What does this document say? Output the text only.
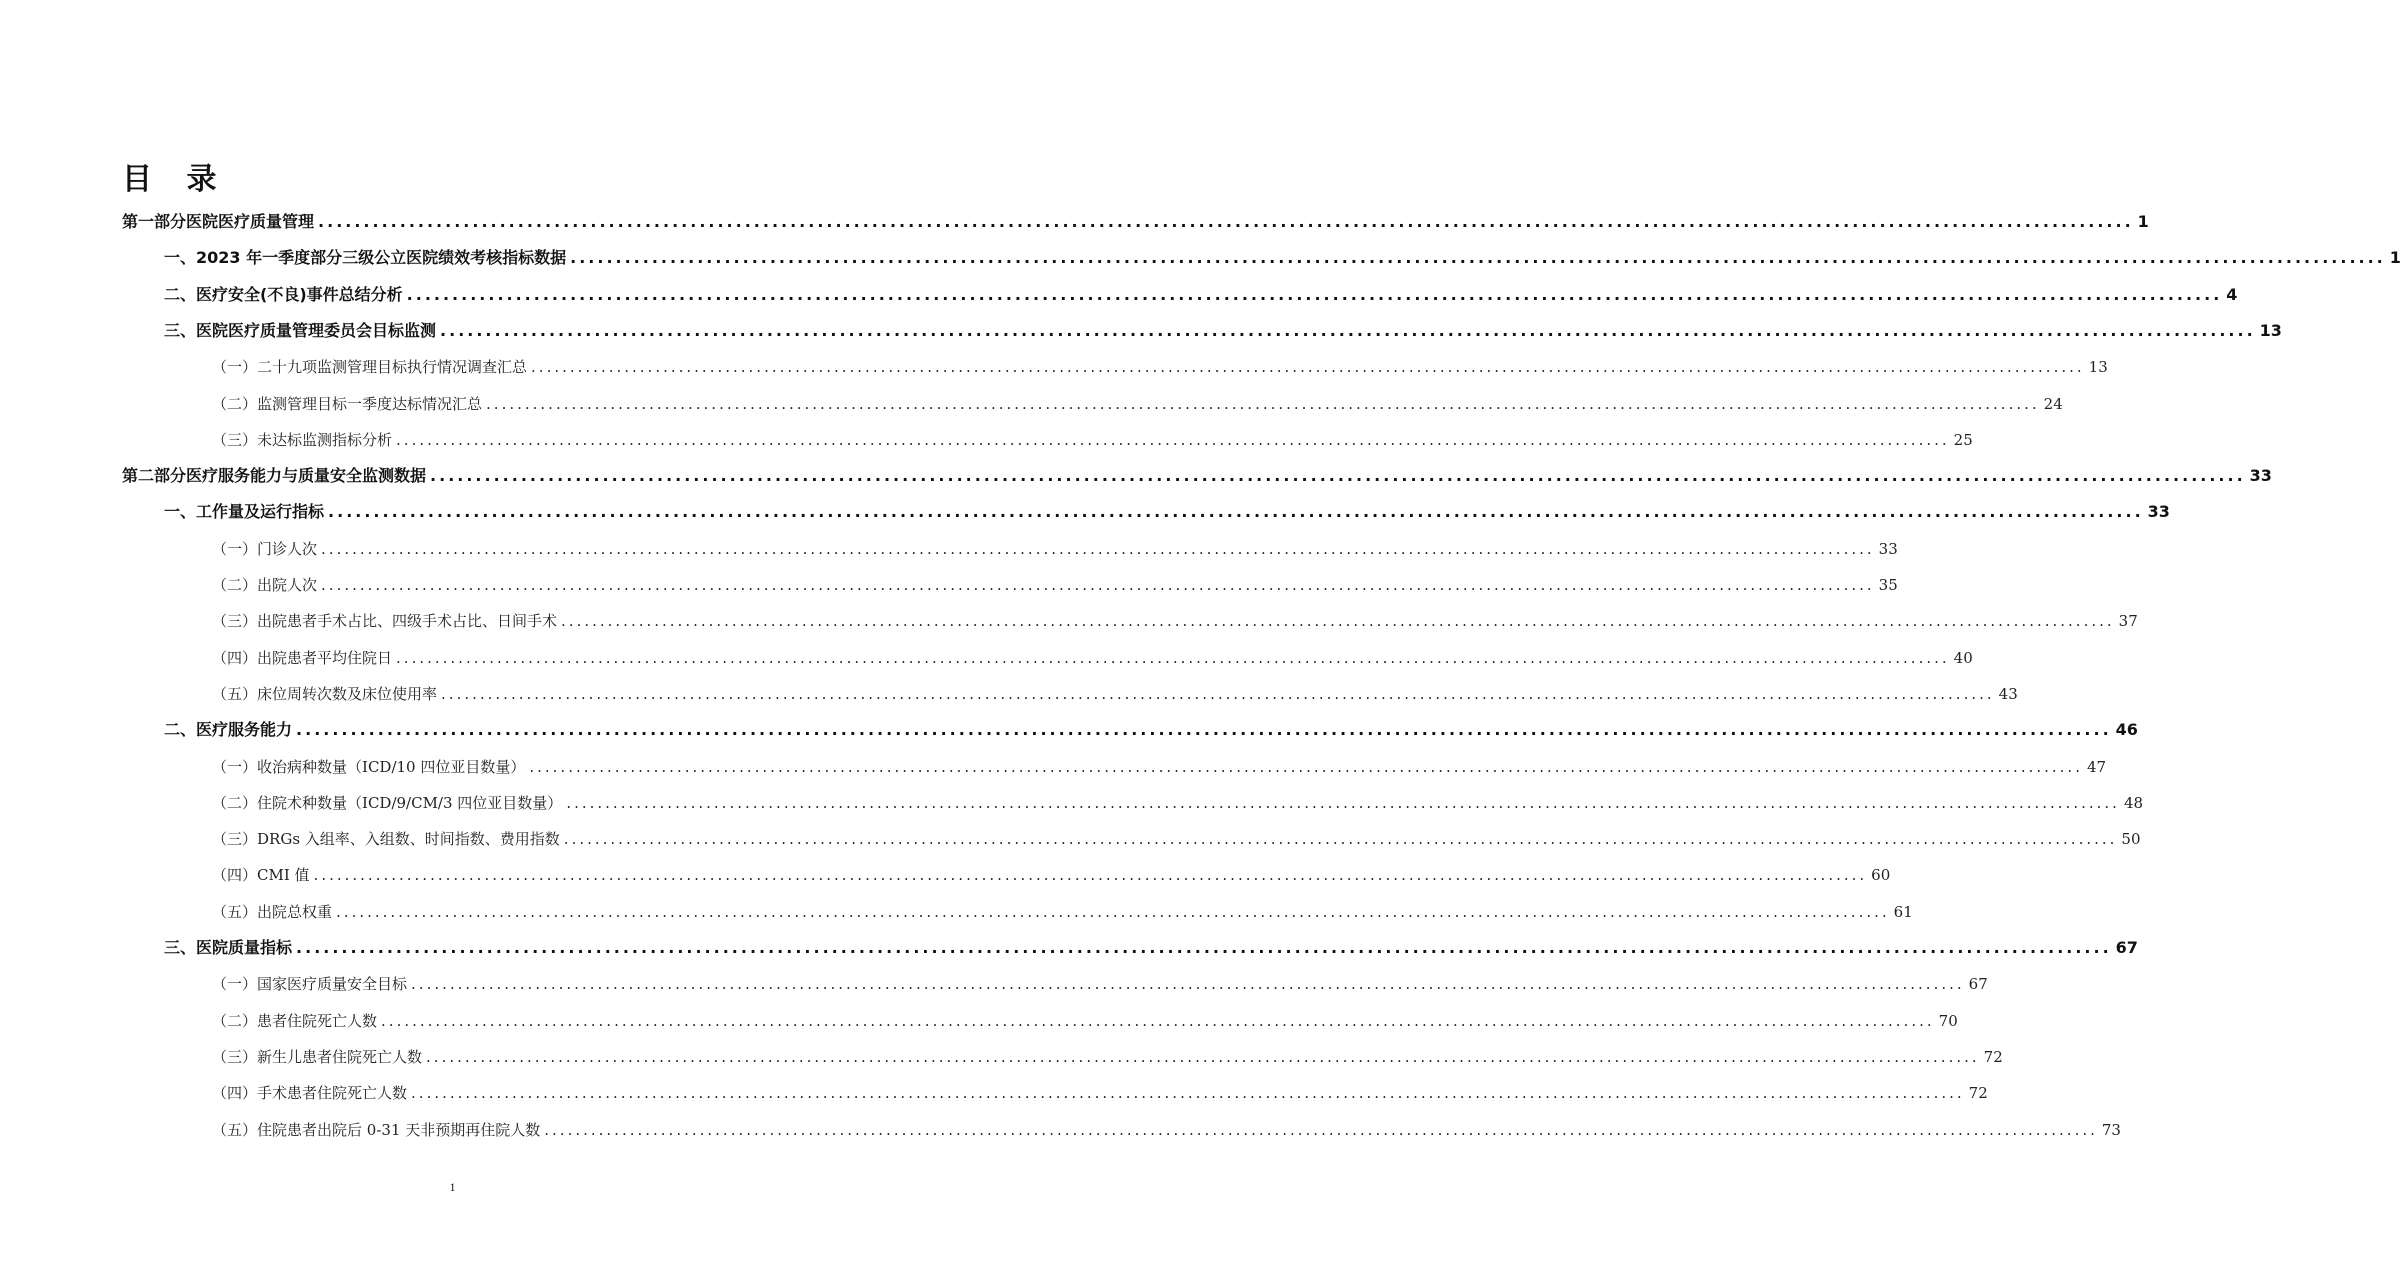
目 录
第一部分 医院医疗质量管理 ........................................................................................................................................................................................................ 1
一、 2023 年一季度部分三级公立医院绩效考核指标数据 ........................................................................................................................................................................................................ 1
二、 医疗安全(不良)事件总结分析 ........................................................................................................................................................................................................ 4
三、 医院医疗质量管理委员会目标监测 ........................................................................................................................................................................................................ 13
（一） 二十九项监测管理目标执行情况调查汇总 ........................................................................................................................................................................................................ 13
（二） 监测管理目标一季度达标情况汇总 ........................................................................................................................................................................................................ 24
（三） 未达标监测指标分析 ........................................................................................................................................................................................................ 25
第二部分 医疗服务能力与质量安全监测数据 ........................................................................................................................................................................................................ 33
一、 工作量及运行指标 ........................................................................................................................................................................................................ 33
（一） 门诊人次 ........................................................................................................................................................................................................ 33
（二） 出院人次 ........................................................................................................................................................................................................ 35
（三） 出院患者手术占比、四级手术占比、日间手术 ........................................................................................................................................................................................................ 37
（四） 出院患者平均住院日 ........................................................................................................................................................................................................ 40
（五） 床位周转次数及床位使用率 ........................................................................................................................................................................................................ 43
二、 医疗服务能力 ........................................................................................................................................................................................................ 46
（一） 收治病种数量（ICD/10 四位亚目数量） ........................................................................................................................................................................................................ 47
（二） 住院术种数量（ICD/9/CM/3 四位亚目数量） ........................................................................................................................................................................................................ 48
（三） DRGs 入组率、入组数、时间指数、费用指数 ........................................................................................................................................................................................................ 50
（四） CMI 值 ........................................................................................................................................................................................................ 60
（五） 出院总权重 ........................................................................................................................................................................................................ 61
三、 医院质量指标 ........................................................................................................................................................................................................ 67
（一） 国家医疗质量安全目标 ........................................................................................................................................................................................................ 67
（二） 患者住院死亡人数 ........................................................................................................................................................................................................ 70
（三） 新生儿患者住院死亡人数 ........................................................................................................................................................................................................ 72
（四） 手术患者住院死亡人数 ........................................................................................................................................................................................................ 72
（五） 住院患者出院后 0-31 天非预期再住院人数 ........................................................................................................................................................................................................ 73
1
